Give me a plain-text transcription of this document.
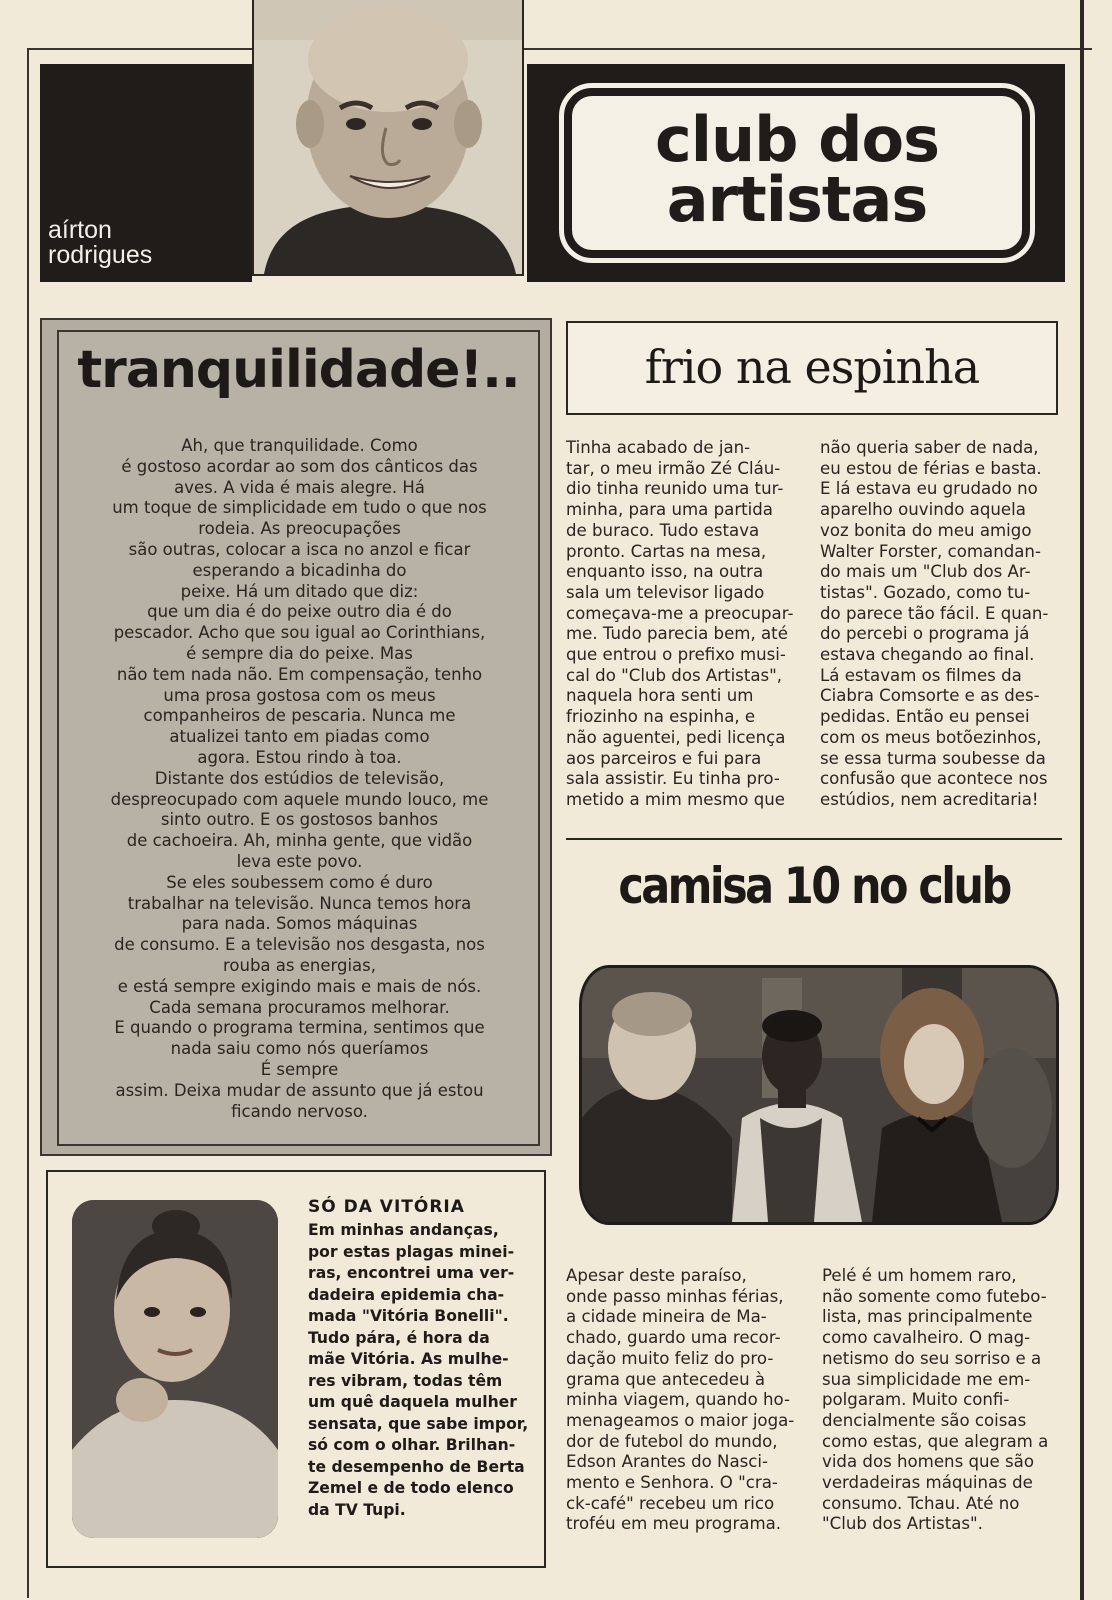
aírton
rodrigues
club dos
artistas
tranquilidade!..
Ah, que tranquilidade. Como
é gostoso acordar ao som dos cânticos das
aves. A vida é mais alegre. Há
um toque de simplicidade em tudo o que nos
rodeia. As preocupações
são outras, colocar a isca no anzol e ficar
esperando a bicadinha do
peixe. Há um ditado que diz:
que um dia é do peixe outro dia é do
pescador. Acho que sou igual ao Corinthians,
é sempre dia do peixe. Mas
não tem nada não. Em compensação, tenho
uma prosa gostosa com os meus
companheiros de pescaria. Nunca me
atualizei tanto em piadas como
agora. Estou rindo à toa.
Distante dos estúdios de televisão,
despreocupado com aquele mundo louco, me
sinto outro. E os gostosos banhos
de cachoeira. Ah, minha gente, que vidão
leva este povo.
Se eles soubessem como é duro
trabalhar na televisão. Nunca temos hora
para nada. Somos máquinas
de consumo. E a televisão nos desgasta, nos
rouba as energias,
e está sempre exigindo mais e mais de nós.
Cada semana procuramos melhorar.
E quando o programa termina, sentimos que
nada saiu como nós queríamos
É sempre
assim. Deixa mudar de assunto que já estou
ficando nervoso.
frio na espinha
Tinha acabado de jan-
tar, o meu irmão Zé Cláu-
dio tinha reunido uma tur-
minha, para uma partida
de buraco. Tudo estava
pronto. Cartas na mesa,
enquanto isso, na outra
sala um televisor ligado
começava-me a preocupar-
me. Tudo parecia bem, até
que entrou o prefixo musi-
cal do "Club dos Artistas",
naquela hora senti um
friozinho na espinha, e
não aguentei, pedi licença
aos parceiros e fui para
sala assistir. Eu tinha pro-
metido a mim mesmo que
não queria saber de nada,
eu estou de férias e basta.
E lá estava eu grudado no
aparelho ouvindo aquela
voz bonita do meu amigo
Walter Forster, comandan-
do mais um "Club dos Ar-
tistas". Gozado, como tu-
do parece tão fácil. E quan-
do percebi o programa já
estava chegando ao final.
Lá estavam os filmes da
Ciabra Comsorte e as des-
pedidas. Então eu pensei
com os meus botõezinhos,
se essa turma soubesse da
confusão que acontece nos
estúdios, nem acreditaria!
camisa 10 no club
Apesar deste paraíso,
onde passo minhas férias,
a cidade mineira de Ma-
chado, guardo uma recor-
dação muito feliz do pro-
grama que antecedeu à
minha viagem, quando ho-
menageamos o maior joga-
dor de futebol do mundo,
Edson Arantes do Nasci-
mento e Senhora. O "cra-
ck-café" recebeu um rico
troféu em meu programa.
Pelé é um homem raro,
não somente como futebo-
lista, mas principalmente
como cavalheiro. O mag-
netismo do seu sorriso e a
sua simplicidade me em-
polgaram. Muito confi-
dencialmente são coisas
como estas, que alegram a
vida dos homens que são
verdadeiras máquinas de
consumo. Tchau. Até no
"Club dos Artistas".
SÓ DA VITÓRIA
Em minhas andanças,
por estas plagas minei-
ras, encontrei uma ver-
dadeira epidemia cha-
mada "Vitória Bonelli".
Tudo pára, é hora da
mãe Vitória. As mulhe-
res vibram, todas têm
um quê daquela mulher
sensata, que sabe impor,
só com o olhar. Brilhan-
te desempenho de Berta
Zemel e de todo elenco
da TV Tupi.
